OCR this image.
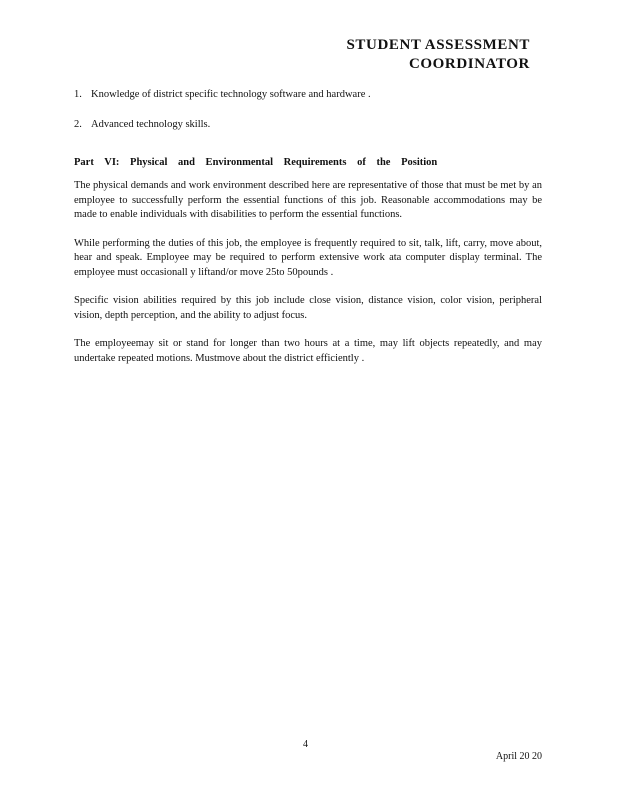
STUDENT ASSESSMENT
COORDINATOR
1. Knowledge of district specific technology software and hardware .
2. Advanced technology skills.
Part VI: Physical and Environmental Requirements of the Position

The physical demands and work environment described here are representative of those that must be met by an employee to successfully perform the essential functions of this job. Reasonable accommodations may be made to enable individuals with disabilities to perform the essential functions.

While performing the duties of this job, the employee is frequently required to sit, talk, lift, carry, move about, hear and speak. Employee may be required to perform extensive work ata computer display terminal. The employee must occasionall y liftand/or move 25to 50pounds .

Specific vision abilities required by this job include close vision, distance vision, color vision, peripheral vision, depth perception, and the ability to adjust focus.

The employeemay sit or stand for longer than two hours at a time, may lift objects repeatedly, and may undertake repeated motions. Mustmove about the district efficiently .

4
April 20 20
